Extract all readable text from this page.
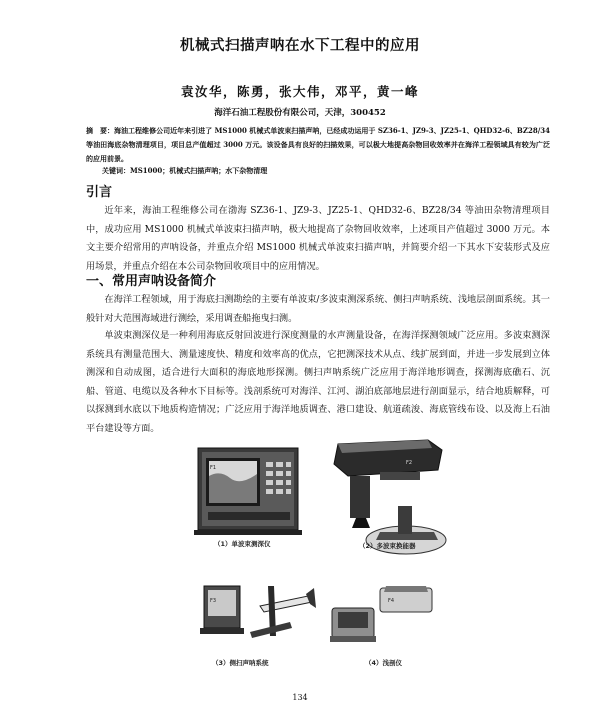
机械式扫描声呐在水下工程中的应用
袁汝华，陈勇，张大伟，邓平，黄一峰
海洋石油工程股份有限公司，天津，300452
摘　要：海油工程维修公司近年来引进了 MS1000 机械式单波束扫描声呐，已经成功运用于 SZ36-1、JZ9-3、JZ25-1、QHD32-6、BZ28/34 等油田海底杂物清理项目，项目总产值超过 3000 万元。该设备具有良好的扫描效果，可以极大地提高杂物回收效率并在海洋工程领域具有较为广泛的应用前景。
关键词：MS1000；机械式扫描声呐；水下杂物清理
引言
近年来，海油工程维修公司在渤海 SZ36-1、JZ9-3、JZ25-1、QHD32-6、BZ28/34 等油田杂物清理项目中，成功应用 MS1000 机械式单波束扫描声呐，极大地提高了杂物回收效率，上述项目产值超过 3000 万元。本文主要介绍常用的声呐设备，并重点介绍 MS1000 机械式单波束扫描声呐，并简要介绍一下其水下安装形式及应用场景，并重点介绍在本公司杂物回收项目中的应用情况。
一、常用声呐设备简介
在海洋工程领域，用于海底扫测勘绘的主要有单波束/多波束测深系统、侧扫声呐系统、浅地层剖面系统。其一般针对大范围海域进行测绘，采用调查船拖曳扫测。
单波束测深仪是一种利用海底反射回波进行深度测量的水声测量设备，在海洋探测领域广泛应用。多波束测深系统具有测量范围大、测量速度快、精度和效率高的优点，它把测深技术从点、线扩展到面，并进一步发展到立体测深和自动成图，适合进行大面积的海底地形探测。侧扫声呐系统广泛应用于海洋地形调查，探测海底礁石、沉船、管道、电缆以及各种水下目标等。浅剖系统可对海洋、江河、湖泊底部地层进行剖面显示，结合地质解释，可以探测到水底以下地质构造情况；广泛应用于海洋地质调查、港口建设、航道疏浚、海底管线布设、以及海上石油平台建设等方面。
F1
F2
F3	F4
（1）单波束测深仪	（2）多波束换能器
（3）侧扫声呐系统	（4）浅剖仪
134
